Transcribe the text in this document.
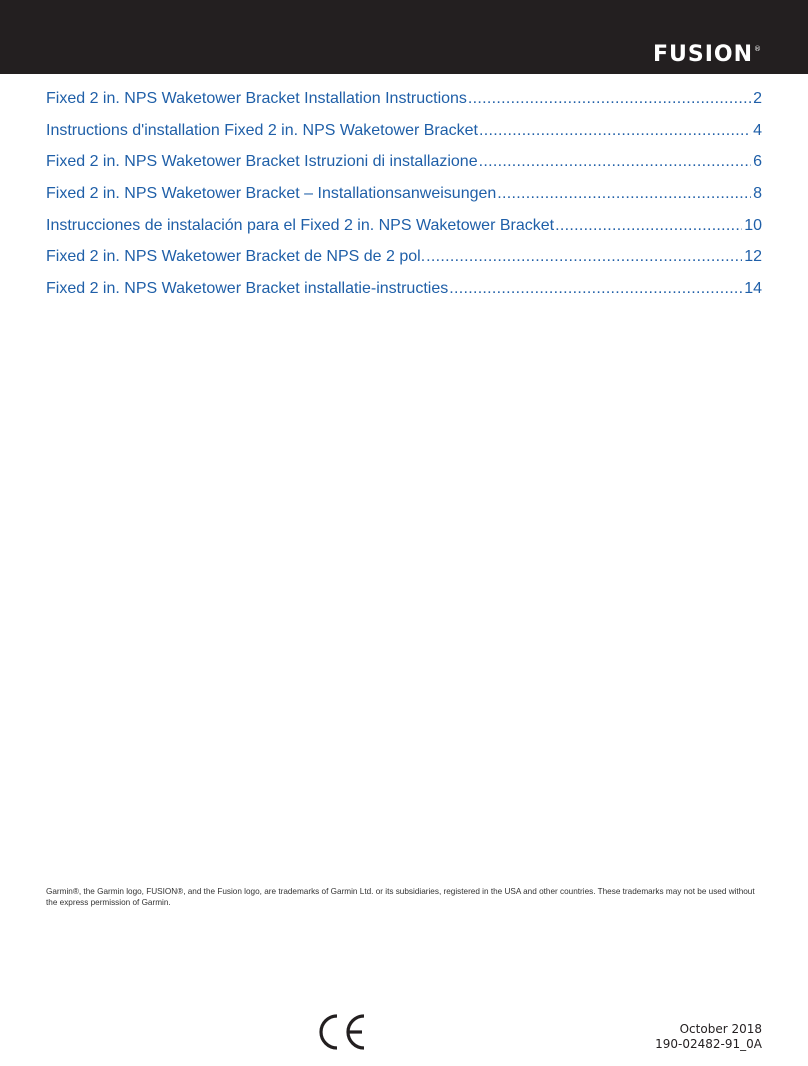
FUSION®
Fixed 2 in. NPS Waketower Bracket Installation Instructions .....	2
Instructions d'installation Fixed 2 in. NPS Waketower Bracket .....	4
Fixed 2 in. NPS Waketower Bracket Istruzioni di installazione .....	6
Fixed 2 in. NPS Waketower Bracket – Installationsanweisungen .....	8
Instrucciones de instalación para el Fixed 2 in. NPS Waketower Bracket .....	10
Fixed 2 in. NPS Waketower Bracket de NPS de 2 pol. .....	12
Fixed 2 in. NPS Waketower Bracket installatie-instructies .....	14

Garmin®, the Garmin logo, FUSION®, and the Fusion logo, are trademarks of Garmin Ltd. or its subsidiaries, registered in the USA and other countries. These trademarks may not be used without the express permission of Garmin.

October 2018
190-02482-91_0A
